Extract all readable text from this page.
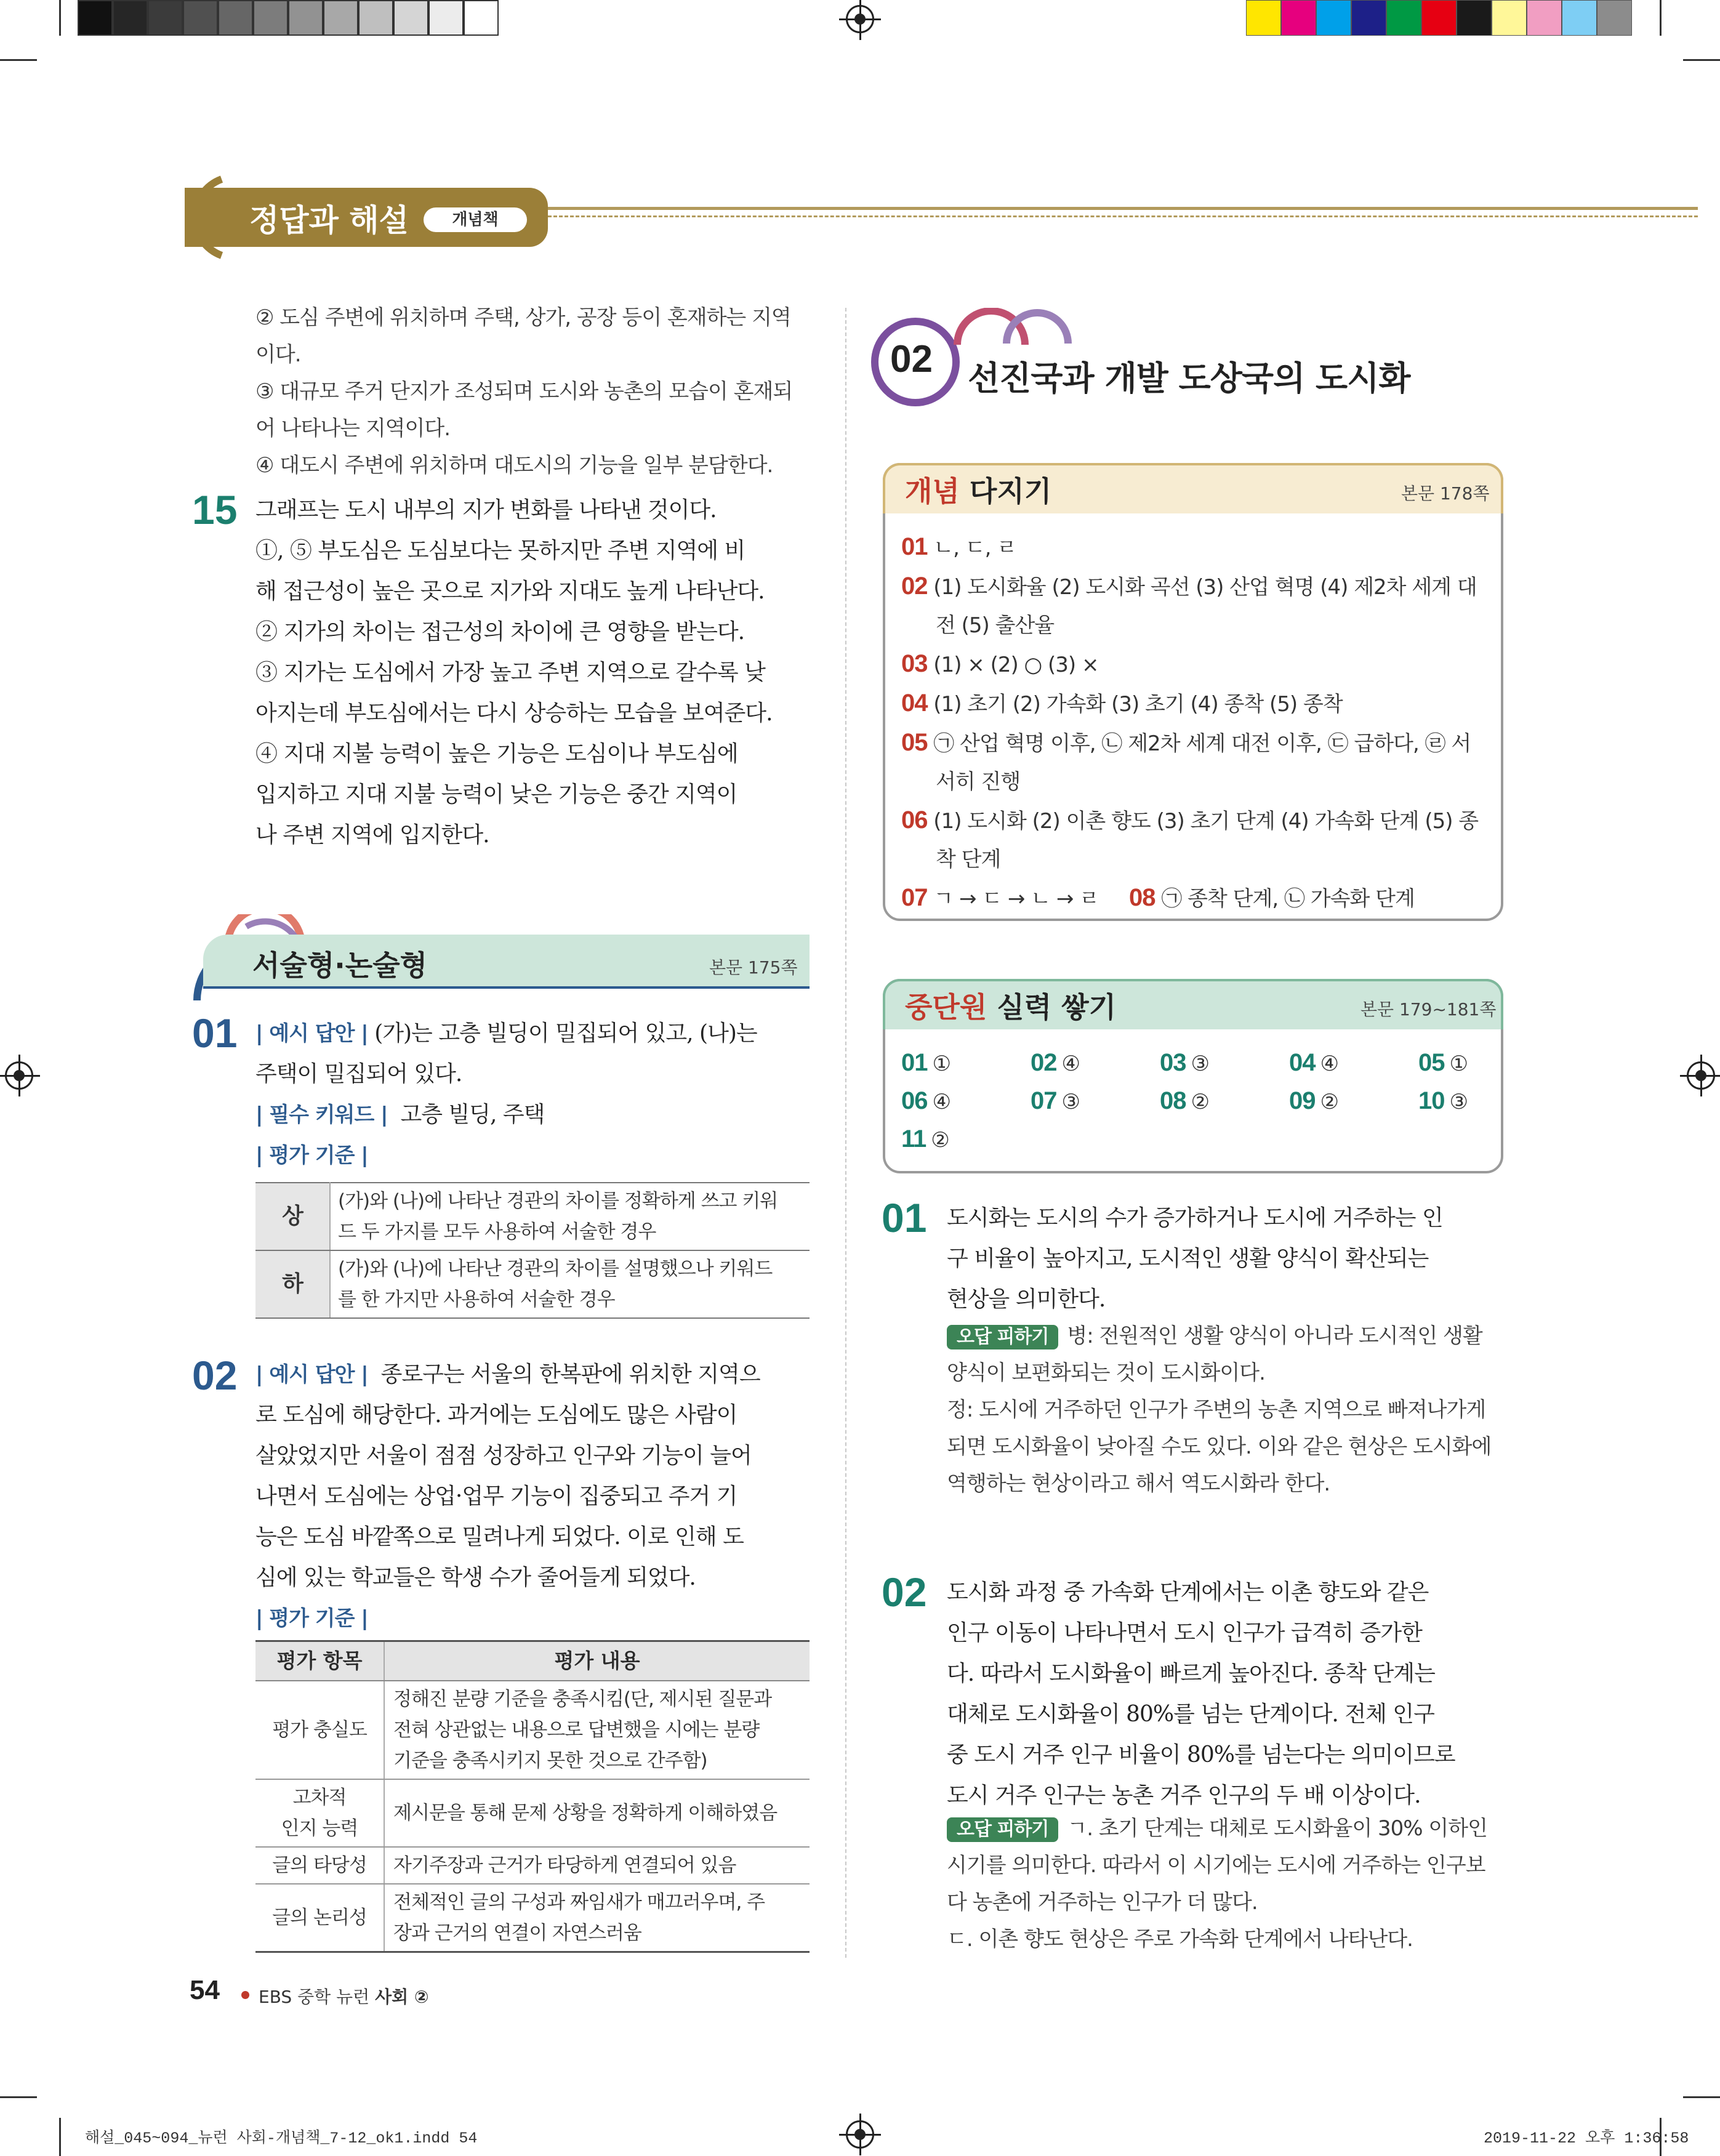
정답과 해설	개념책
② 도심 주변에 위치하며 주택, 상가, 공장 등이 혼재하는 지역이다.
③ 대규모 주거 단지가 조성되며 도시와 농촌의 모습이 혼재되
어 나타나는 지역이다.
④ 대도시 주변에 위치하며 대도시의 기능을 일부 분담한다.
15 그래프는 도시 내부의 지가 변화를 나타낸 것이다.
①, ⑤ 부도심은 도심보다는 못하지만 주변 지역에 비
해 접근성이 높은 곳으로 지가와 지대도 높게 나타난다.
② 지가의 차이는 접근성의 차이에 큰 영향을 받는다.
③ 지가는 도심에서 가장 높고 주변 지역으로 갈수록 낮
아지는데 부도심에서는 다시 상승하는 모습을 보여준다.
④ 지대 지불 능력이 높은 기능은 도심이나 부도심에
입지하고 지대 지불 능력이 낮은 기능은 중간 지역이
나 주변 지역에 입지한다.
서술형·논술형	본문 175쪽
01 | 예시 답안 | (가)는 고층 빌딩이 밀집되어 있고, (나)는
주택이 밀집되어 있다.
| 필수 키워드 | 고층 빌딩, 주택
| 평가 기준 |
상	(가)와 (나)에 나타난 경관의 차이를 정확하게 쓰고 키워
드 두 가지를 모두 사용하여 서술한 경우

하	(가)와 (나)에 나타난 경관의 차이를 설명했으나 키워드
를 한 가지만 사용하여 서술한 경우
02 | 예시 답안 | 종로구는 서울의 한복판에 위치한 지역으
로 도심에 해당한다. 과거에는 도심에도 많은 사람이
살았었지만 서울이 점점 성장하고 인구와 기능이 늘어
나면서 도심에는 상업·업무 기능이 집중되고 주거 기
능은 도심 바깥쪽으로 밀려나게 되었다. 이로 인해 도
심에 있는 학교들은 학생 수가 줄어들게 되었다.
| 평가 기준 |
평가 항목	평가 내용

평가 충실도	정해진 분량 기준을 충족시킴(단, 제시된 질문과
전혀 상관없는 내용으로 답변했을 시에는 분량
기준을 충족시키지 못한 것으로 간주함)

고차적
인지 능력	제시문을 통해 문제 상황을 정확하게 이해하였음

글의 타당성	자기주장과 근거가 타당하게 연결되어 있음

글의 논리성	전체적인 글의 구성과 짜임새가 매끄러우며, 주
장과 근거의 연결이 자연스러움
02 선진국과 개발 도상국의 도시화
개념 다지기	본문 178쪽
01 ㄴ, ㄷ, ㄹ
02 (1) 도시화율 (2) 도시화 곡선 (3) 산업 혁명 (4) 제2차 세계 대
전 (5) 출산율
03 (1) × (2) ○ (3) ×
04 (1) 초기 (2) 가속화 (3) 초기 (4) 종착 (5) 종착
05 ㉠ 산업 혁명 이후, ㉡ 제2차 세계 대전 이후, ㉢ 급하다, ㉣ 서
서히 진행
06 (1) 도시화 (2) 이촌 향도 (3) 초기 단계 (4) 가속화 단계 (5) 종
착 단계
07 ㄱ → ㄷ → ㄴ → ㄹ     08 ㉠ 종착 단계, ㉡ 가속화 단계
중단원 실력 쌓기	본문 179~181쪽
01 ①	02 ④	03 ③	04 ④	05 ①
06 ④	07 ③	08 ②	09 ②	10 ③
11 ②
01 도시화는 도시의 수가 증가하거나 도시에 거주하는 인
구 비율이 높아지고, 도시적인 생활 양식이 확산되는
현상을 의미한다.
오답 피하기 병: 전원적인 생활 양식이 아니라 도시적인 생활
양식이 보편화되는 것이 도시화이다.
정: 도시에 거주하던 인구가 주변의 농촌 지역으로 빠져나가게
되면 도시화율이 낮아질 수도 있다. 이와 같은 현상은 도시화에
역행하는 현상이라고 해서 역도시화라 한다.
02 도시화 과정 중 가속화 단계에서는 이촌 향도와 같은
인구 이동이 나타나면서 도시 인구가 급격히 증가한
다. 따라서 도시화율이 빠르게 높아진다. 종착 단계는
대체로 도시화율이 80%를 넘는 단계이다. 전체 인구
중 도시 거주 인구 비율이 80%를 넘는다는 의미이므로
도시 거주 인구는 농촌 거주 인구의 두 배 이상이다.
오답 피하기 ㄱ. 초기 단계는 대체로 도시화율이 30% 이하인
시기를 의미한다. 따라서 이 시기에는 도시에 거주하는 인구보
다 농촌에 거주하는 인구가 더 많다.
ㄷ. 이촌 향도 현상은 주로 가속화 단계에서 나타난다.
54 EBS 중학 뉴런 사회 ②
해설_045~094_뉴런 사회-개념책_7-12_ok1.indd 54	2019-11-22 오후 1:36:58
